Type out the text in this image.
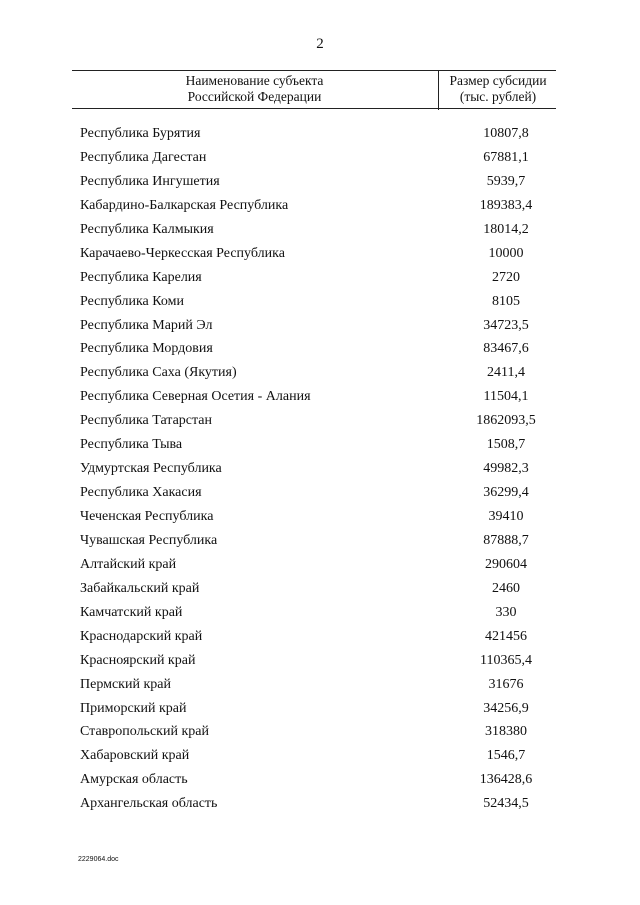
2
Наименование субъекта
Российской Федерации
Размер субсидии
(тыс. рублей)
Республика Бурятия	10807,8
Республика Дагестан	67881,1
Республика Ингушетия	5939,7
Кабардино-Балкарская Республика	189383,4
Республика Калмыкия	18014,2
Карачаево-Черкесская Республика	10000
Республика Карелия	2720
Республика Коми	8105
Республика Марий Эл	34723,5
Республика Мордовия	83467,6
Республика Саха (Якутия)	2411,4
Республика Северная Осетия - Алания	11504,1
Республика Татарстан	1862093,5
Республика Тыва	1508,7
Удмуртская Республика	49982,3
Республика Хакасия	36299,4
Чеченская Республика	39410
Чувашская Республика	87888,7
Алтайский край	290604
Забайкальский край	2460
Камчатский край	330
Краснодарский край	421456
Красноярский край	110365,4
Пермский край	31676
Приморский край	34256,9
Ставропольский край	318380
Хабаровский край	1546,7
Амурская область	136428,6
Архангельская область	52434,5
2229064.doc
